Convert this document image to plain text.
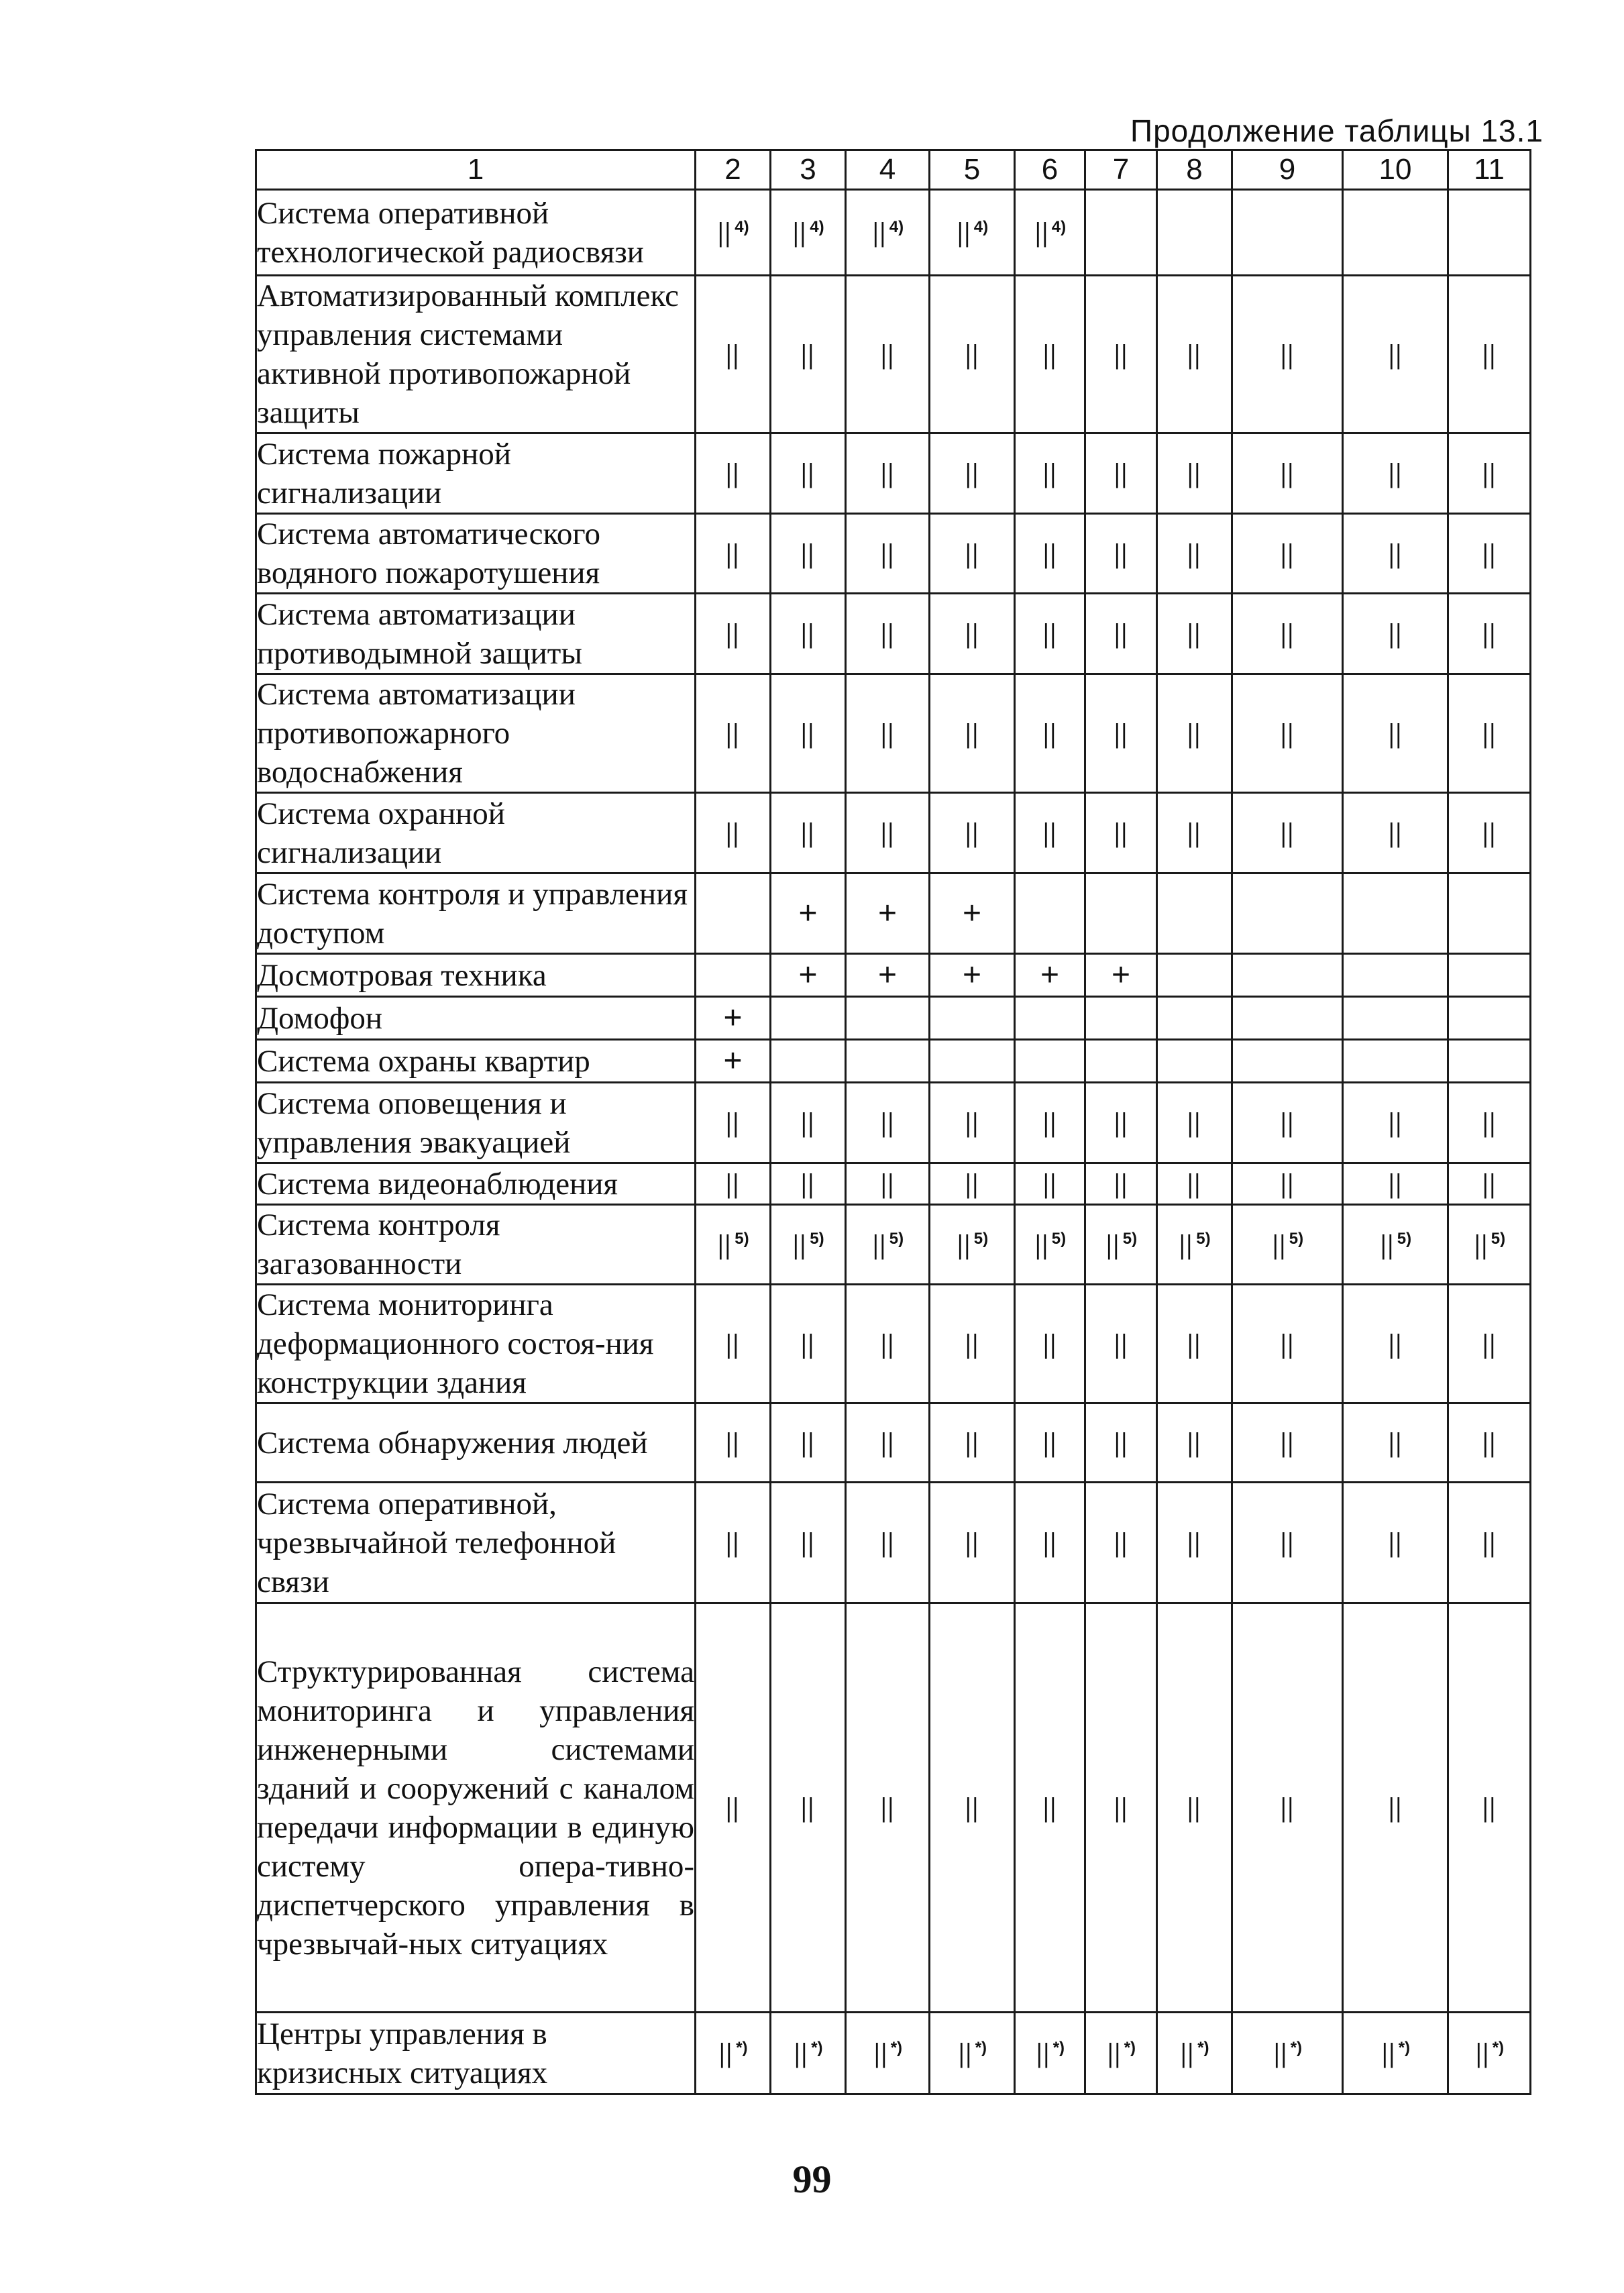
Продолжение таблицы 13.1
1	2	3	4	5	6	7	8	9	10	11
Система оперативной технологической радиосвязи	|| $^{4)}$	|| $^{4)}$	|| $^{4)}$	|| $^{4)}$	|| $^{4)}$					
Автоматизированный комплекс управления системами активной противопожарной защиты	||	||	||	||	||	||	||	||	||	||
Система пожарной сигнализации	||	||	||	||	||	||	||	||	||	||
Система автоматического водяного пожаротушения	||	||	||	||	||	||	||	||	||	||
Система автоматизации противодымной защиты	||	||	||	||	||	||	||	||	||	||
Система автоматизации противопожарного водоснабжения	||	||	||	||	||	||	||	||	||	||
Система охранной сигнализации	||	||	||	||	||	||	||	||	||	||
Система контроля и управления доступом		+	+	+						
Досмотровая техника		+	+	+	+	+				
Домофон	+									
Система охраны квартир	+									
Система оповещения и управления эвакуацией	||	||	||	||	||	||	||	||	||	||
Система видеонаблюдения	||	||	||	||	||	||	||	||	||	||
Система контроля загазованности	|| $^{5)}$	|| $^{5)}$	|| $^{5)}$	|| $^{5)}$	|| $^{5)}$	|| $^{5)}$	|| $^{5)}$	|| $^{5)}$	|| $^{5)}$	|| $^{5)}$
Система мониторинга деформационного состоя-ния конструкции здания	||	||	||	||	||	||	||	||	||	||
Система обнаружения людей	||	||	||	||	||	||	||	||	||	||
Система оперативной, чрезвычайной телефонной связи	||	||	||	||	||	||	||	||	||	||
Структурированная система мониторинга и управления инженерными системами зданий и сооружений с каналом передачи информации в единую систему опера-тивно-диспетчерского управления в чрезвычай-ных ситуациях	||	||	||	||	||	||	||	||	||	||
Центры управления в кризисных ситуациях	|| *)	|| *)	|| *)	|| *)	|| *)	|| *)	|| *)	|| *)	|| *)	|| *)
99
